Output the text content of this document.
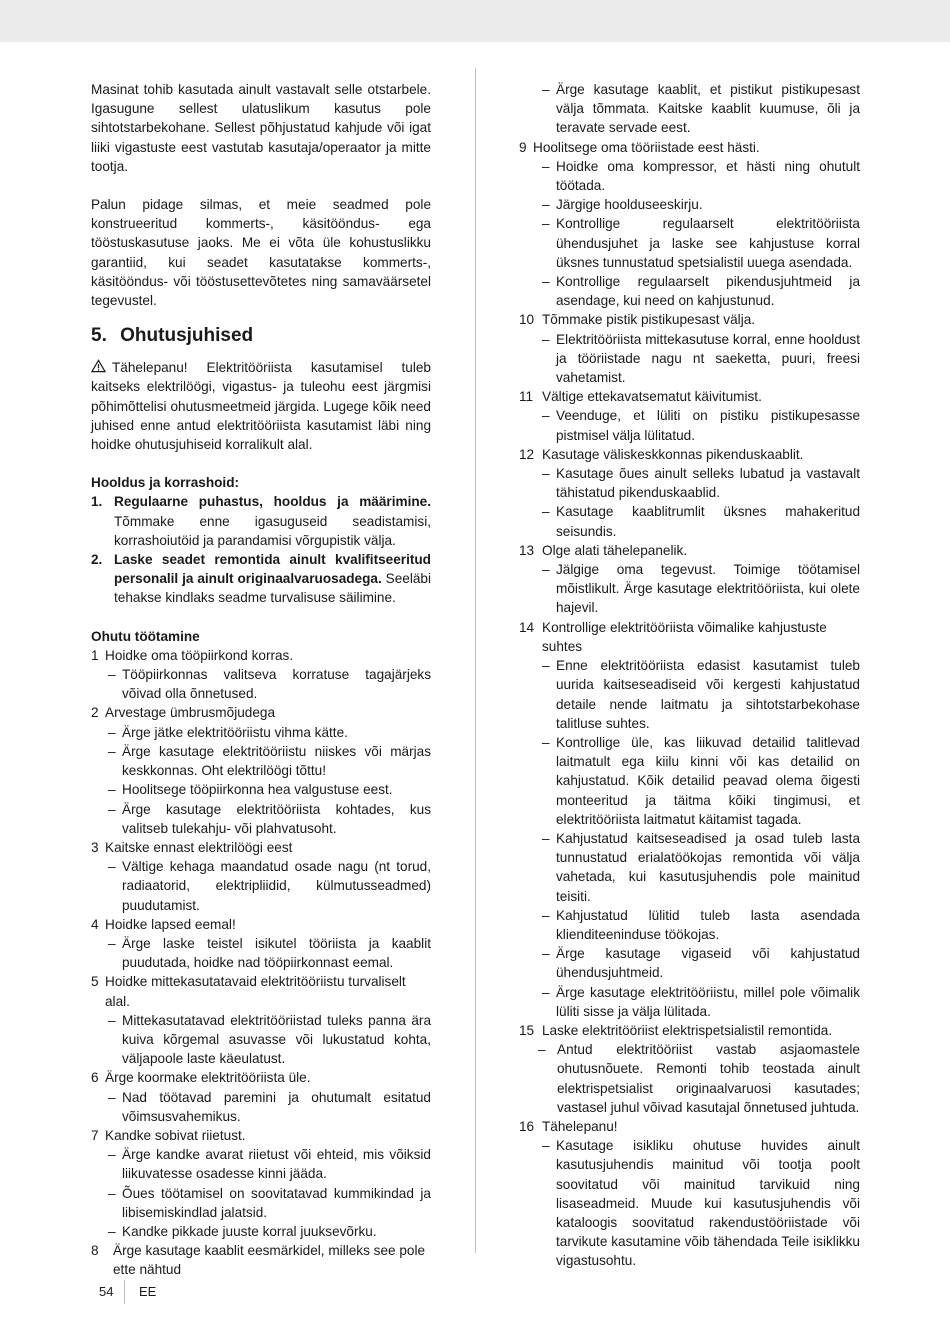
Masinat tohib kasutada ainult vastavalt selle otstarbele. Igasugune sellest ulatuslikum kasutus pole sihtotstarbekohane. Sellest põhjustatud kahjude või igat liiki vigastuste eest vastutab kasutaja/operaator ja mitte tootja.

Palun pidage silmas, et meie seadmed pole konstrueeritud kommerts-, käsitööndus- ega tööstuskasutuse jaoks. Me ei võta üle kohustuslikku garantiid, kui seadet kasutatakse kommerts-, käsitööndus- või tööstusettevõtetes ning samaväärsetel tegevustel.

5. Ohutusjuhised

Tähelepanu! Elektritööriista kasutamisel tuleb kaitseks elektrilöögi, vigastus- ja tuleohu eest järgmisi põhimõttelisi ohutusmeetmeid järgida. Lugege kõik need juhised enne antud elektritööriista kasutamist läbi ning hoidke ohutusjuhiseid korralikult alal.

Hooldus ja korrashoid:
1. Regulaarne puhastus, hooldus ja määrimine. Tõmmake enne igasuguseid seadistamisi, korrashoiutöid ja parandamisi võrgupistik välja.
2. Laske seadet remontida ainult kvalifitseeritud personalil ja ainult originaalvaruosadega. Seeläbi tehakse kindlaks seadme turvalisuse säilimine.
Ohutu töötamine
1 Hoidke oma tööpiirkond korras.
– Tööpiirkonnas valitseva korratuse tagajärjeks võivad olla õnnetused.
2 Arvestage ümbrusmõjudega
– Ärge jätke elektritööriistu vihma kätte.
– Ärge kasutage elektritööriistu niiskes või märjas keskkonnas. Oht elektrilöögi tõttu!
– Hoolitsege tööpiirkonna hea valgustuse eest.
– Ärge kasutage elektritööriista kohtades, kus valitseb tulekahju- või plahvatusoht.
3 Kaitske ennast elektrilöögi eest
– Vältige kehaga maandatud osade nagu (nt torud, radiaatorid, elektripliidid, külmutusseadmed) puudutamist.
4 Hoidke lapsed eemal!
– Ärge laske teistel isikutel tööriista ja kaablit puudutada, hoidke nad tööpiirkonnast eemal.
5 Hoidke mittekasutatavaid elektritööriistu turvaliselt alal.
– Mittekasutatavad elektritööriistad tuleks panna ära kuiva kõrgemal asuvasse või lukustatud kohta, väljapoole laste käeulatust.
6 Ärge koormake elektritööriista üle.
– Nad töötavad paremini ja ohutumalt esitatud võimsusvahemikus.
7 Kandke sobivat riietust.
– Ärge kandke avarat riietust või ehteid, mis võiksid liikuvatesse osadesse kinni jääda.
– Õues töötamisel on soovitatavad kummikindad ja libisemiskindlad jalatsid.
– Kandke pikkade juuste korral juuksevõrku.
8 Ärge kasutage kaablit eesmärkidel, milleks see pole ette nähtud
– Ärge kasutage kaablit, et pistikut pistikupesast välja tõmmata. Kaitske kaablit kuumuse, õli ja teravate servade eest.
9 Hoolitsege oma tööriistade eest hästi.
– Hoidke oma kompressor, et hästi ning ohutult töötada.
– Järgige hoolduseeskirju.
– Kontrollige regulaarselt elektritööriista ühendusjuhet ja laske see kahjustuse korral üksnes tunnustatud spetsialistil uuega asendada.
– Kontrollige regulaarselt pikendusjuhtmeid ja asendage, kui need on kahjustunud.
10 Tõmmake pistik pistikupesast välja.
– Elektritööriista mittekasutuse korral, enne hooldust ja tööriistade nagu nt saeketta, puuri, freesi vahetamist.
11 Vältige ettekavatsematut käivitumist.
– Veenduge, et lüliti on pistiku pistikupesasse pistmisel välja lülitatud.
12 Kasutage väliskeskkonnas pikenduskaablit.
– Kasutage õues ainult selleks lubatud ja vastavalt tähistatud pikenduskaablid.
– Kasutage kaablitrumlit üksnes mahakeritud seisundis.
13 Olge alati tähelepanelik.
– Jälgige oma tegevust. Toimige töötamisel mõistlikult. Ärge kasutage elektritööriista, kui olete hajevil.
14 Kontrollige elektritööriista võimalike kahjustuste suhtes
– Enne elektritööriista edasist kasutamist tuleb uurida kaitseseadiseid või kergesti kahjustatud detaile nende laitmatu ja sihtotstarbekohase talitluse suhtes.
– Kontrollige üle, kas liikuvad detailid talitlevad laitmatult ega kiilu kinni või kas detailid on kahjustatud. Kõik detailid peavad olema õigesti monteeritud ja täitma kõiki tingimusi, et elektritööriista laitmatut käitamist tagada.
– Kahjustatud kaitseseadised ja osad tuleb lasta tunnustatud erialatöökojas remontida või välja vahetada, kui kasutusjuhendis pole mainitud teisiti.
– Kahjustatud lülitid tuleb lasta asendada klienditeeninduse töökojas.
– Ärge kasutage vigaseid või kahjustatud ühendusjuhtmeid.
– Ärge kasutage elektritööriistu, millel pole võimalik lüliti sisse ja välja lülitada.
15 Laske elektritööriist elektrispetsialistil remontida.
– Antud elektritööriist vastab asjaomastele ohutusnõuete. Remonti tohib teostada ainult elektrispetsialist originaalvaruosi kasutades; vastasel juhul võivad kasutajal õnnetused juhtuda.
16 Tähelepanu!
– Kasutage isikliku ohutuse huvides ainult kasutusjuhendis mainitud või tootja poolt soovitatud või mainitud tarvikuid ning lisaseadmeid. Muude kui kasutusjuhendis või kataloogis soovitatud rakendustööriistade või tarvikute kasutamine võib tähendada Teile isiklikku vigastusohtu.
54 EE
